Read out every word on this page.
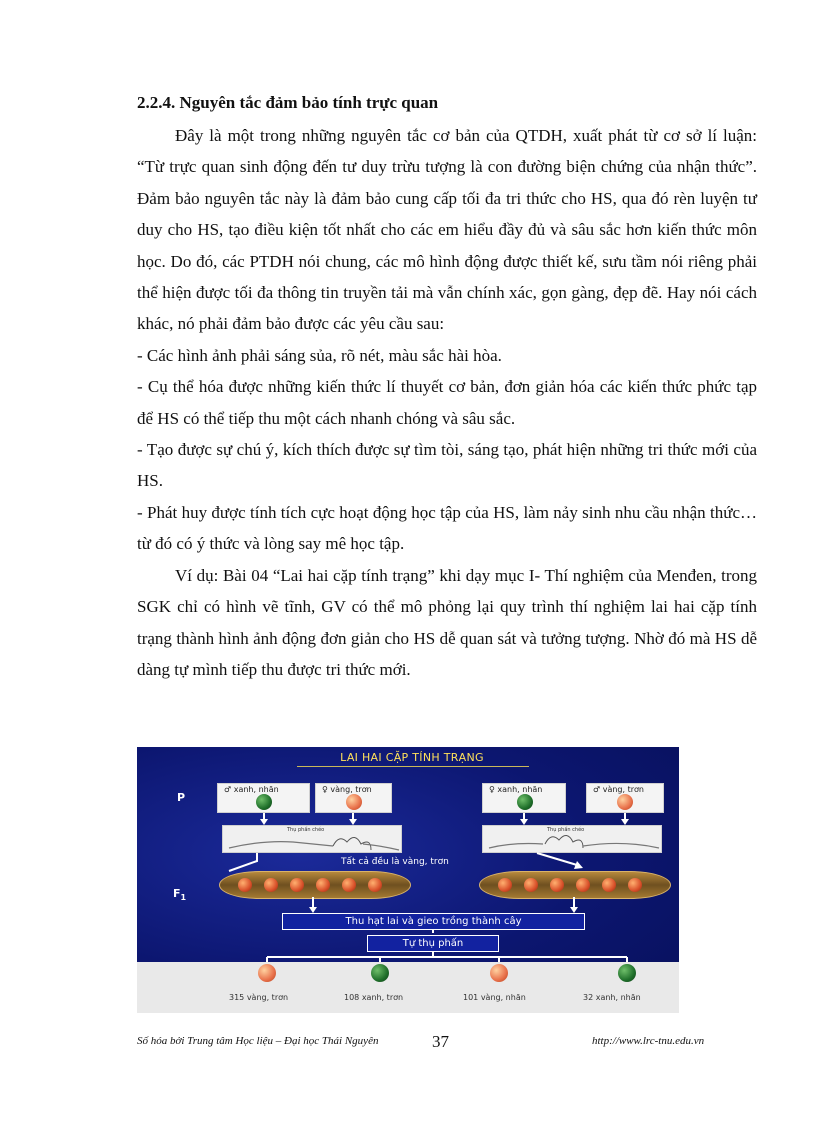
2.2.4. Nguyên tắc đảm bảo tính trực quan

Đây là một trong những nguyên tắc cơ bản của QTDH, xuất phát từ cơ sở lí luận: “Từ trực quan sinh động đến tư duy trừu tượng là con đường biện chứng của nhận thức”. Đảm bảo nguyên tắc này là đảm bảo cung cấp tối đa tri thức cho HS, qua đó rèn luyện tư duy cho HS, tạo điều kiện tốt nhất cho các em hiểu đầy đủ và sâu sắc hơn kiến thức môn học. Do đó, các PTDH nói chung, các mô hình động được thiết kế, sưu tầm nói riêng phải thể hiện được tối đa thông tin truyền tải mà vẫn chính xác, gọn gàng, đẹp đẽ. Hay nói cách khác, nó phải đảm bảo được các yêu cầu sau:

- Các hình ảnh phải sáng sủa, rõ nét, màu sắc hài hòa.

- Cụ thể hóa được những kiến thức lí thuyết cơ bản, đơn giản hóa các kiến thức phức tạp để HS có thể tiếp thu một cách nhanh chóng và sâu sắc.

- Tạo được sự chú ý, kích thích được sự tìm tòi, sáng tạo, phát hiện những tri thức mới của HS.

- Phát huy được tính tích cực hoạt động học tập của HS, làm nảy sinh nhu cầu nhận thức… từ đó có ý thức và lòng say mê học tập.

Ví dụ: Bài 04 “Lai hai cặp tính trạng” khi dạy mục I- Thí nghiệm của Menđen, trong SGK chỉ có hình vẽ tĩnh, GV có thể mô phỏng lại quy trình thí nghiệm lai hai cặp tính trạng thành hình ảnh động đơn giản cho HS dễ quan sát và tưởng tượng. Nhờ đó mà HS dễ dàng tự mình tiếp thu được tri thức mới.

LAI HAI CẶP TÍNH TRẠNG
P
$F_1$
♂ xanh, nhăn	♀ vàng, trơn	♀ xanh, nhăn	♂ vàng, trơn
Thụ phấn chéo	Thụ phấn chéo
Tất cả đều là vàng, trơn
Thu hạt lai và gieo trồng thành cây
Tự thụ phấn
315 vàng, trơn	108 xanh, trơn	101 vàng, nhăn	32 xanh, nhăn
Số hóa bởi Trung tâm Học liệu – Đại học Thái Nguyên	37	http://www.lrc-tnu.edu.vn
